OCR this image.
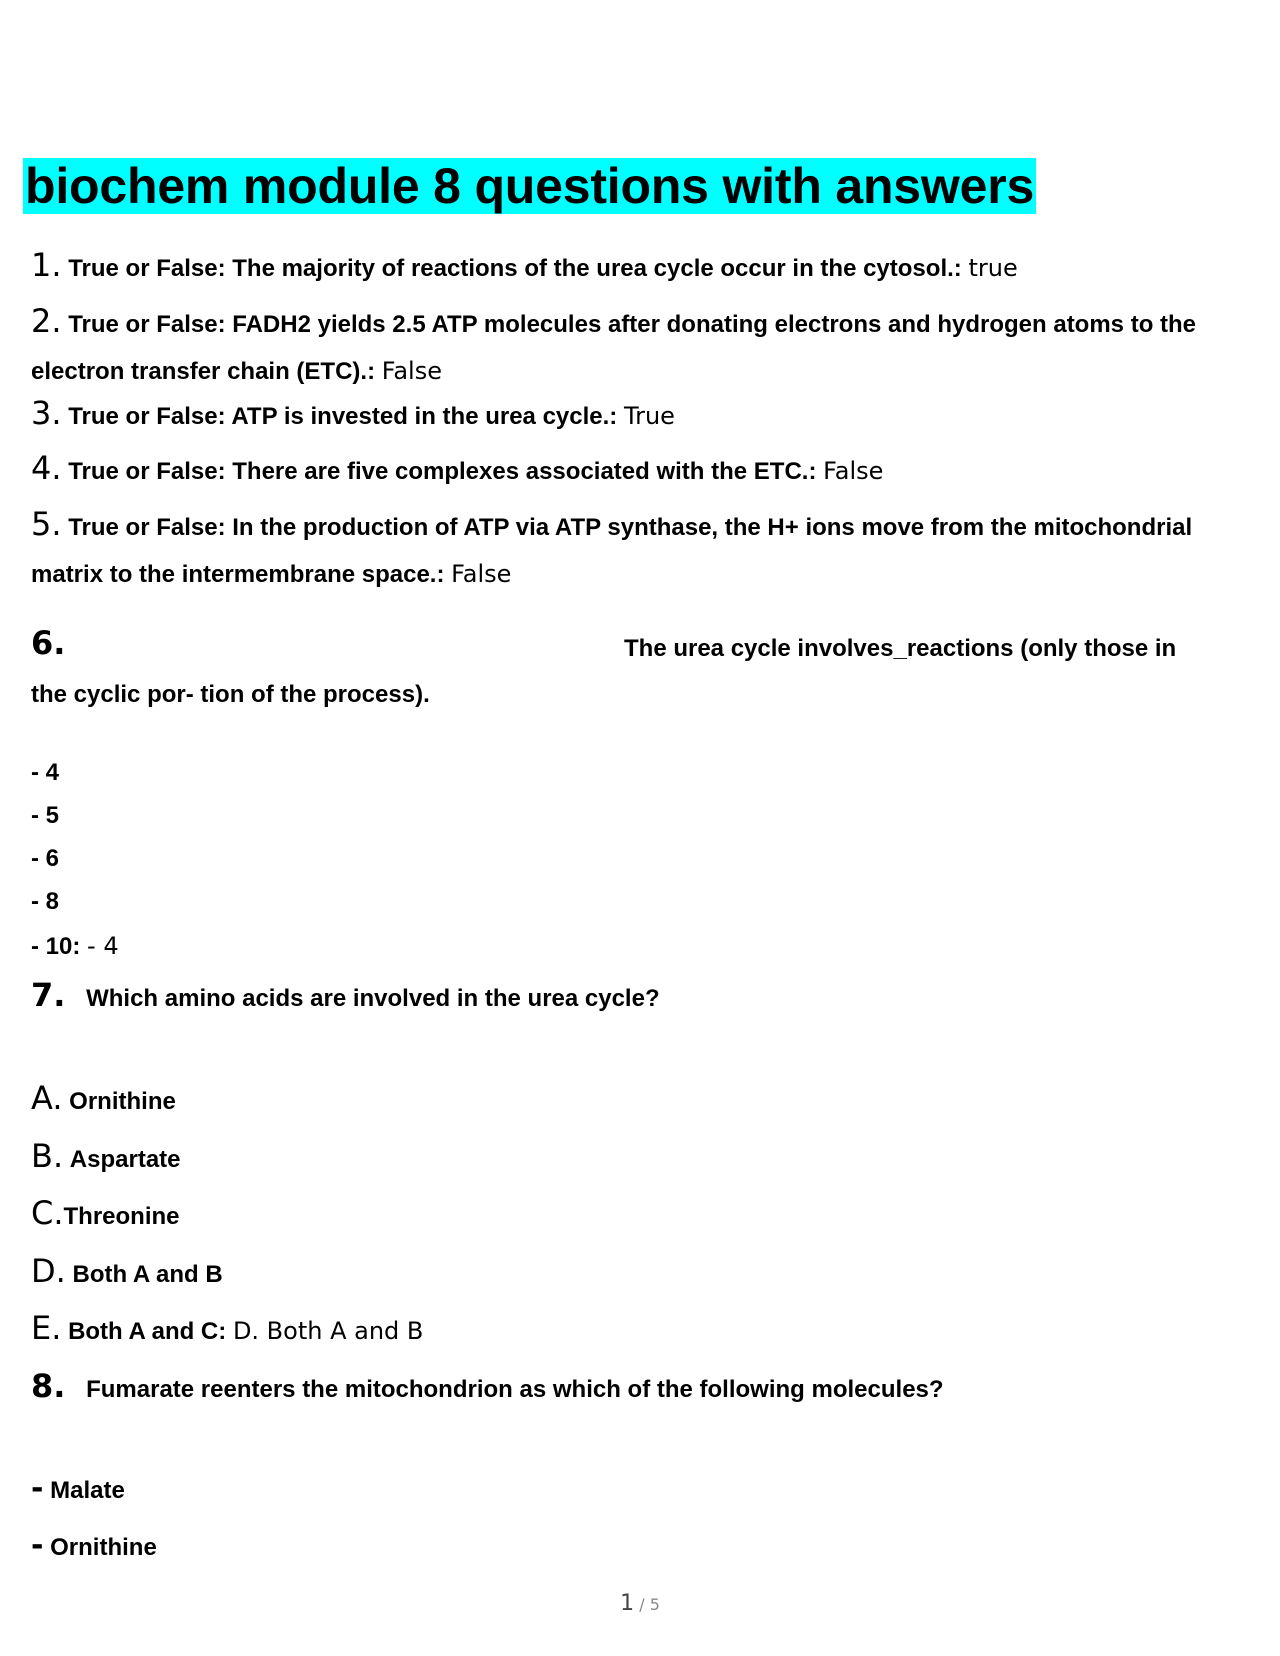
biochem module 8 questions with answers
1. True or False: The majority of reactions of the urea cycle occur in the cytosol.: true
2. True or False: FADH2 yields 2.5 ATP molecules after donating electrons and hydrogen atoms to the electron transfer chain (ETC).: False
3. True or False: ATP is invested in the urea cycle.: True
4. True or False: There are five complexes associated with the ETC.: False
5. True or False: In the production of ATP via ATP synthase, the H+ ions move from the mitochondrial matrix to the intermembrane space.: False
6.	The urea cycle involves_reactions (only those in
the cyclic por- tion of the process).
- 4
- 5
- 6
- 8
- 10: - 4
7. Which amino acids are involved in the urea cycle?
A. Ornithine
B. Aspartate
C.Threonine
D. Both A and B
E. Both A and C: D. Both A and B
8. Fumarate reenters the mitochondrion as which of the following molecules?
- Malate
- Ornithine
1 / 5
